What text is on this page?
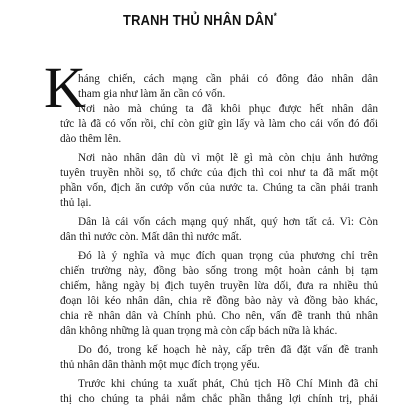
TRANH THỦ NHÂN DÂN*
K
háng chiến, cách mạng cần phải có đông đảo nhân dân
tham gia như làm ăn cần có vốn.
Nơi nào mà chúng ta đã khôi phục được hết nhân dân
tức là đã có vốn rồi, chỉ còn giữ gìn lấy và làm cho cái vốn đó đổi
dào thêm lên.
Nơi nào nhân dân dù vì một lẽ gì mà còn chịu ảnh hưởng
tuyên truyền nhồi sọ, tổ chức của địch thì coi như ta đã mất một
phần vốn, địch ăn cướp vốn của nước ta. Chúng ta cần phải tranh
thủ lại.
Dân là cái vốn cách mạng quý nhất, quý hơn tất cả. Vì: Còn
dân thì nước còn. Mất dân thì nước mất.
Đó là ý nghĩa và mục đích quan trọng của phương chỉ trên
chiến trường này, đồng bào sống trong một hoàn cảnh bị tạm
chiếm, hằng ngày bị địch tuyên truyền lừa dối, đưa ra nhiều thủ
đoạn lôi kéo nhân dân, chia rẽ đồng bào này và đồng bào khác,
chia rẽ nhân dân và Chính phủ. Cho nên, vấn đề tranh thủ nhân
dân không những là quan trọng mà còn cấp bách nữa là khác.
Do đó, trong kế hoạch hè này, cấp trên đã đặt vấn đề tranh
thủ nhân dân thành một mục đích trọng yếu.
Trước khi chúng ta xuất phát, Chủ tịch Hồ Chí Minh đã chỉ
thị cho chúng ta phải nắm chắc phần thắng lợi chính trị, phải
